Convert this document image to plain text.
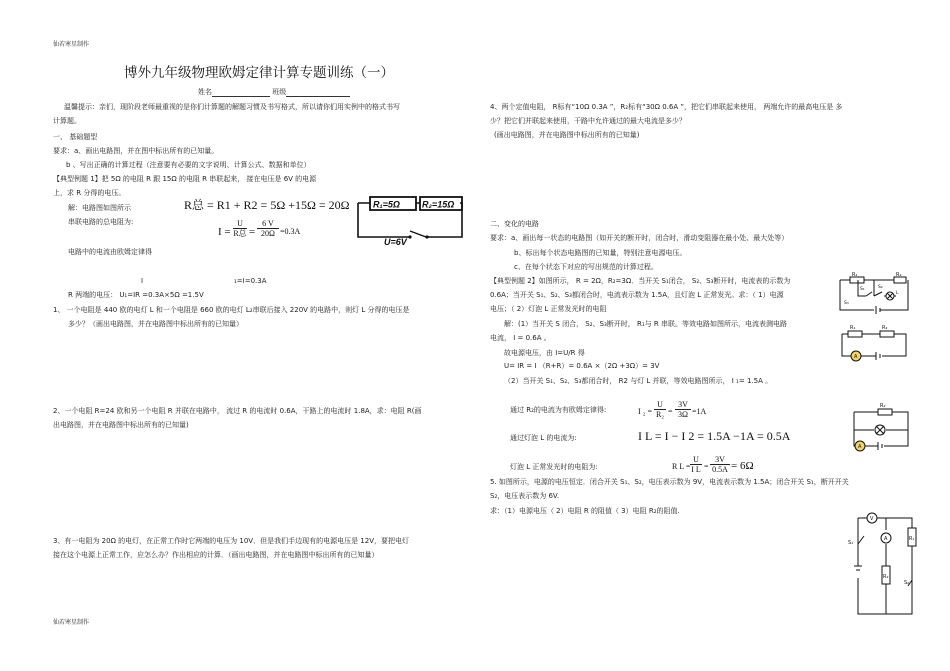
仙若寒星制作
博外九年级物理欧姆定律计算专题训练（一）
姓名	班级
温馨提示：亲们，现阶段老师最重视的是你们计算题的解题习惯及书写格式，所以请你们用实例中的格式书写
计算题。
一、 基础题型
要求：a、画出电路图，并在图中标出所有的已知量。
b 、写出正确的计算过程（注意要有必要的文字说明、计算公式、数据和单位）
【典型例题 1】把 5Ω 的电阻 R 跟 15Ω 的电阻 R 串联起来， 接在电压是 6V 的电源
上，求 R 分得的电压。
解：电路图如图所示
串联电路的总电阻为:
R总 = R1 + R2 = 5Ω +15Ω = 20Ω
I =
U
R总 = $\frac{6 V}{20\Omega} =0.3A$
电路中的电流由欧姆定律得
I	₁=I=0.3A
R 两端的电压： U₁=IR =0.3A×5Ω =1.5V
R₁=5Ω R₂=15Ω
U=6V
1、 一个电阻是 440 欧的电灯 L 和一个电阻是 660 欧的电灯 L₂串联后接入 220V 的电路中，则灯 L 分得的电压是
多少？（画出电路图，并在电路图中标出所有的已知量）
2、一个电阻 R=24 欧和另一个电阻 R 并联在电路中， 流过 R 的电流时 0.6A，干路上的电流时 1.8A，求：电阻 R(画
出电路图，并在电路图中标出所有的已知量)
3、有一电阻为 20Ω 的电灯，在正常工作时它两端的电压为 10V．但是我们手边现有的电源电压是 12V，要把电灯
接在这个电源上正常工作，应怎么办？作出相应的计算．（画出电路图，并在电路图中标出所有的已知量）
仙若寒星制作
4、两个定值电阻， R标有“10Ω 0.3A ”，R₂标有“30Ω 0.6A ”，把它们串联起来使用， 两端允许的最高电压是 多
少？把它们并联起来使用，干路中允许通过的最大电流是多少？
(画出电路图，并在电路图中标出所有的已知量)
二、变化的电路
要求：a、画出每一状态的电路图（如开关的断开时，闭合时，滑动变阻器在最小处、最大处等）
b、标出每个状态电路图的已知量，特别注意电源电压。
c、在每个状态下对应的写出规范的计算过程。
【典型例题 2】如图所示， R = 2Ω，R₂=3Ω．当开关 S₁闭合， S₂、S₃断开时，电流表的示数为
0.6A；当开关 S₁、S₂、S₃都闭合时，电流表示数为 1.5A，且灯泡 L 正常发光。求：（ 1）电源
电压；（ 2）灯泡 L 正常发光时的电阻
解：(1）当开关 S 闭合， S₂、S₃断开时， R₁与 R 串联。等效电路如图所示，电流表测电路
电流， I = 0.6A 。
故电源电压，由 I=U/R 得
U= IR = I （R+R）= 0.6A ×（2Ω +3Ω）= 3V
（2）当开关 S₁、S₂、S₃都闭合时， R2 与灯 L 并联，等效电路图所示， I ₁= 1.5A 。
通过 R₂的电流为有欧姆定律得:	I $_2 = \frac{U}{\text{R₂}} = \frac{3V}{3\Omega} =1A$
通过灯泡 L 的电流为:	I L = I − I 2 = 1.5A −1A = 0.5A
灯泡 L 正常发光时的电阻为:	R $L = \frac{U}{\text{I L}} = \frac{3V}{0.5A} = 6\Omega$
5. 如图所示，电源的电压恒定．闭合开关 S₁、S₂，电压表示数为 9V，电流表示数为 1.5A；闭合开关 S₁，断开开关
S₂，电压表示数为 6V.
求：（1）电源电压（ 2）电阻 R 的阻值（ 3）电阻 R₂的阻值.
R₁	R₂
S₁	S₂
S₃
L
A
R₁	R₂
A
R₂
V
A	R₁
R₂
S₁
S₂
